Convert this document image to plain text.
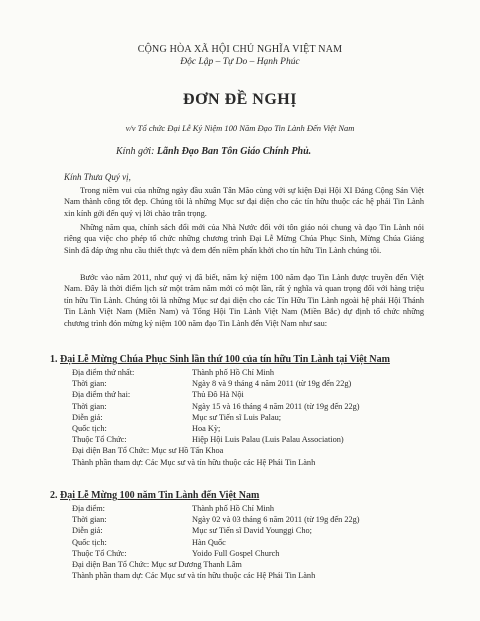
CỘNG HÒA XÃ HỘI CHỦ NGHĨA VIỆT NAM
Độc Lập – Tự Do – Hạnh Phúc
ĐƠN ĐỀ NGHỊ
v/v Tổ chức Đại Lễ Kỷ Niệm 100 Năm Đạo Tin Lành Đến Việt Nam
Kính gởi: Lãnh Đạo Ban Tôn Giáo Chính Phủ.
Kính Thưa Quý vị,
Trong niềm vui của những ngày đầu xuân Tân Mão cùng với sự kiện Đại Hội XI Đảng Cộng Sản Việt Nam thành công tốt đẹp. Chúng tôi là những Mục sư đại diện cho các tín hữu thuộc các hệ phái Tin Lành xin kính gởi đến quý vị lời chào trân trọng.
Những năm qua, chính sách đổi mới của Nhà Nước đối với tôn giáo nói chung và đạo Tin Lành nói riêng qua việc cho phép tổ chức những chương trình Đại Lễ Mừng Chúa Phục Sinh, Mừng Chúa Giáng Sinh đã đáp ứng nhu cầu thiết thực và đem đến niềm phấn khởi cho tín hữu Tin Lành chúng tôi.
Bước vào năm 2011, như quý vị đã biết, năm kỷ niệm 100 năm đạo Tin Lành được truyền đến Việt Nam. Đây là thời điểm lịch sử một trăm năm mới có một lần, rất ý nghĩa và quan trọng đối với hàng triệu tín hữu Tin Lành. Chúng tôi là những Mục sư đại diện cho các Tín Hữu Tin Lành ngoài hệ phái Hội Thánh Tin Lành Việt Nam (Miền Nam) và Tổng Hội Tin Lành Việt Nam (Miền Bắc) dự định tổ chức những chương trình đón mừng kỷ niệm 100 năm đạo Tin Lành đến Việt Nam như sau:
1. Đại Lễ Mừng Chúa Phục Sinh lần thứ 100 của tín hữu Tin Lành tại Việt Nam
Địa điểm thứ nhất:	Thành phố Hồ Chí Minh
Thời gian:	Ngày 8 và 9 tháng 4 năm 2011 (từ 19g đến 22g)
Địa điểm thứ hai:	Thủ Đô Hà Nội
Thời gian:	Ngày 15 và 16 tháng 4 năm 2011 (từ 19g đến 22g)
Diễn giả:	Mục sư Tiến sĩ Luis Palau;
Quốc tịch:	Hoa Kỳ;
Thuộc Tổ Chức:	Hiệp Hội Luis Palau (Luis Palau Association)
Đại diện Ban Tổ Chức: Mục sư Hồ Tấn Khoa
Thành phần tham dự: Các Mục sư và tín hữu thuộc các Hệ Phái Tin Lành
2. Đại Lễ Mừng 100 năm Tin Lành đến Việt Nam
Địa điểm:	Thành phố Hồ Chí Minh
Thời gian:	Ngày 02 và 03 tháng 6 năm 2011 (từ 19g đến 22g)
Diễn giả:	Mục sư Tiến sĩ David Younggi Cho;
Quốc tịch:	Hàn Quốc
Thuộc Tổ Chức:	Yoido Full Gospel Church
Đại diện Ban Tổ Chức: Mục sư Dương Thanh Lâm
Thành phần tham dự: Các Mục sư và tín hữu thuộc các Hệ Phái Tin Lành
